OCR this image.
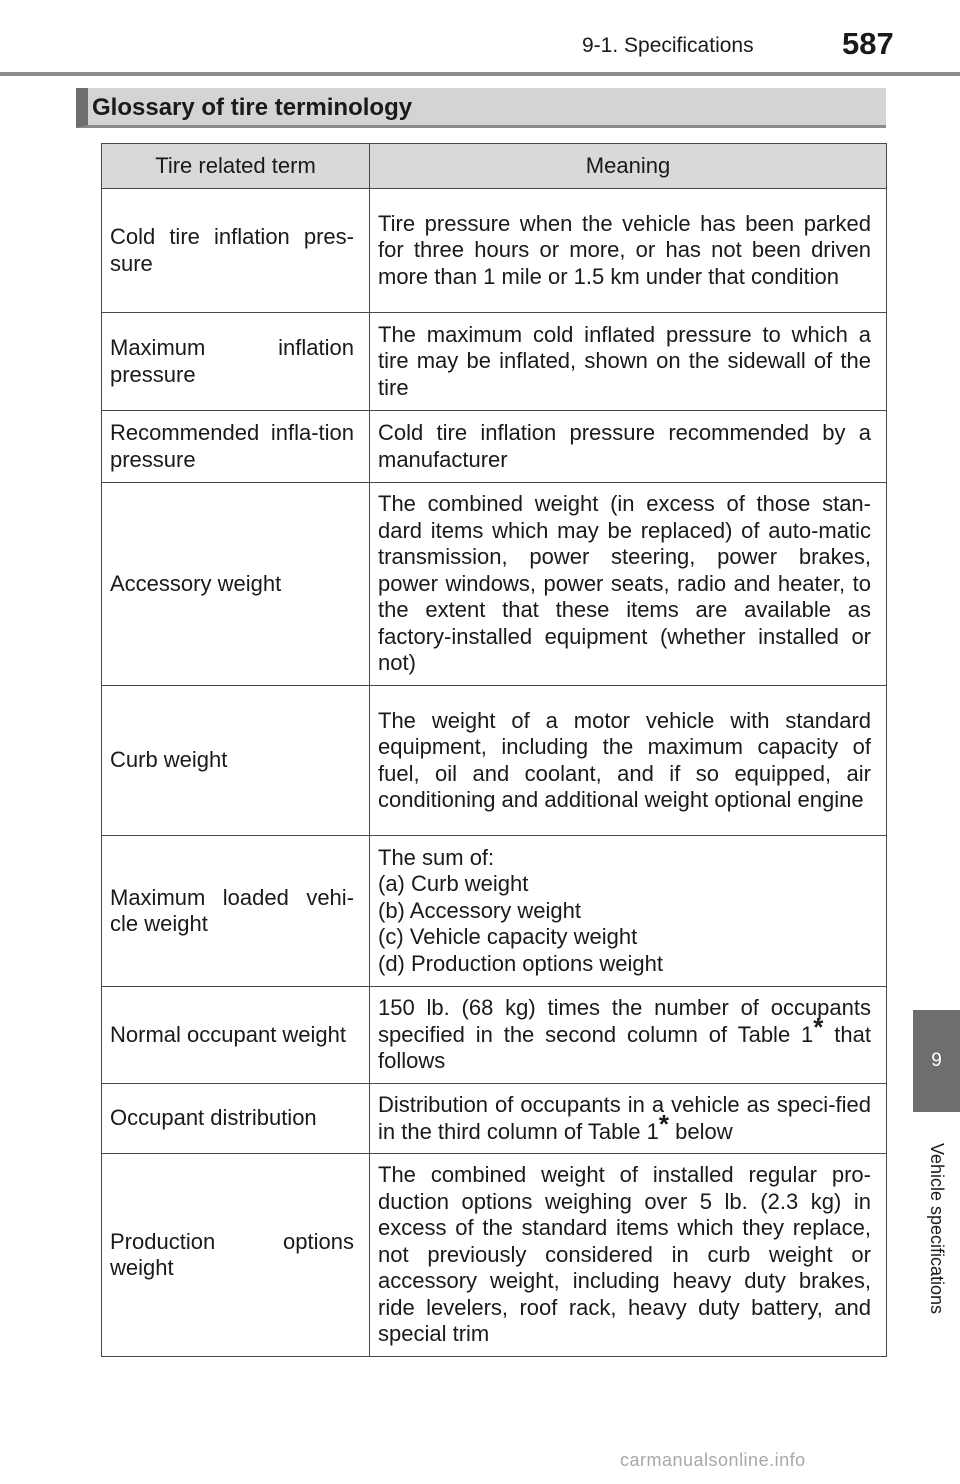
9-1. Specifications	587
Glossary of tire terminology
Tire related term	Meaning
Cold tire inflation pres-sure	Tire pressure when the vehicle has been parked for three hours or more, or has not been driven more than 1 mile or 1.5 km under that condition
Maximum inflation pressure	The maximum cold inflated pressure to which a tire may be inflated, shown on the sidewall of the tire
Recommended infla-tion pressure	Cold tire inflation pressure recommended by a manufacturer
Accessory weight	The combined weight (in excess of those stan-dard items which may be replaced) of auto-matic transmission, power steering, power brakes, power windows, power seats, radio and heater, to the extent that these items are available as factory-installed equipment (whether installed or not)
Curb weight	The weight of a motor vehicle with standard equipment, including the maximum capacity of fuel, oil and coolant, and if so equipped, air conditioning and additional weight optional engine
Maximum loaded vehi-cle weight	The sum of:
(a) Curb weight
(b) Accessory weight
(c) Vehicle capacity weight
(d) Production options weight

Normal occupant weight	150 lb. (68 kg) times the number of occupants specified in the second column of Table 1* that follows
Occupant distribution	Distribution of occupants in a vehicle as speci-fied in the third column of Table 1* below
Production options weight	The combined weight of installed regular pro-duction options weighing over 5 lb. (2.3 kg) in excess of the standard items which they replace, not previously considered in curb weight or accessory weight, including heavy duty brakes, ride levelers, roof rack, heavy duty battery, and special trim
9
Vehicle specifications
carmanualsonline.info
